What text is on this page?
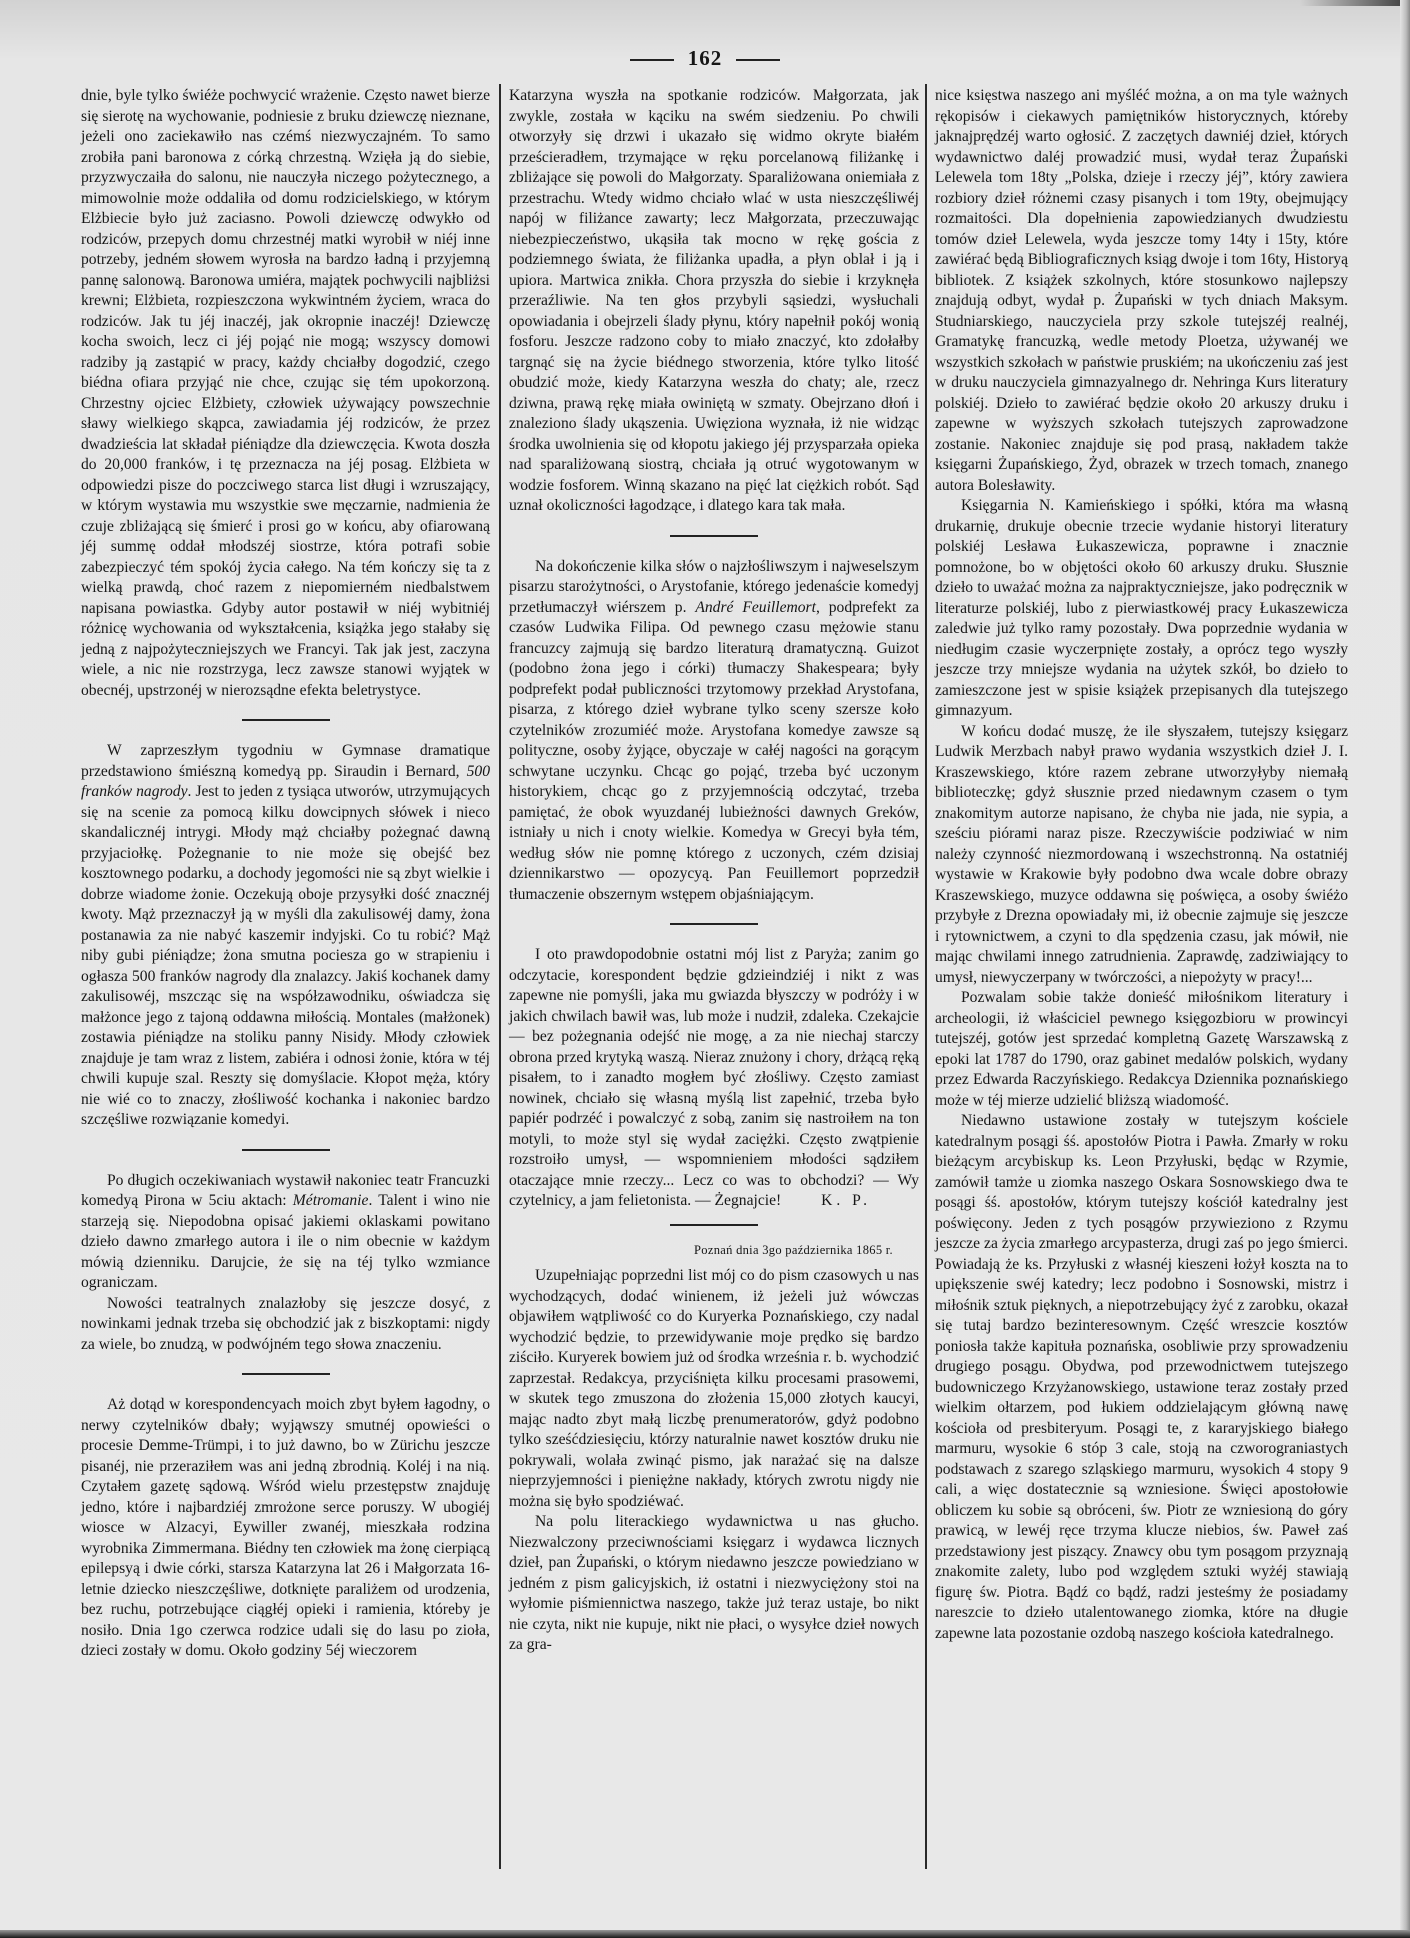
162

dnie, byle tylko świéże pochwycić wrażenie. Często nawet bierze się sierotę na wychowanie, podniesie z bruku dziewczę nieznane, jeżeli ono zaciekawiło nas czémś niezwyczajném. To samo zrobiła pani baronowa z córką chrzestną. Wzięła ją do siebie, przyzwyczaiła do salonu, nie nauczyła niczego pożytecznego, a mimowolnie może oddaliła od domu rodzicielskiego, w którym Elżbiecie było już zaciasno. Powoli dziewczę odwykło od rodziców, przepych domu chrzestnéj matki wyrobił w niéj inne potrzeby, jedném słowem wyrosła na bardzo ładną i przyjemną pannę salonową. Baronowa umiéra, majątek pochwycili najbliżsi krewni; Elżbieta, rozpieszczona wykwintném życiem, wraca do rodziców. Jak tu jéj inaczéj, jak okropnie inaczéj! Dziewczę kocha swoich, lecz ci jéj pojąć nie mogą; wszyscy domowi radziby ją zastąpić w pracy, każdy chciałby dogodzić, czego biédna ofiara przyjąć nie chce, czując się tém upokorzoną. Chrzestny ojciec Elżbiety, człowiek używający powszechnie sławy wielkiego skąpca, zawiadamia jéj rodziców, że przez dwadzieścia lat składał piéniądze dla dziewczęcia. Kwota doszła do 20,000 franków, i tę przeznacza na jéj posag. Elżbieta w odpowiedzi pisze do poczciwego starca list długi i wzruszający, w którym wystawia mu wszystkie swe męczarnie, nadmienia że czuje zbliżającą się śmierć i prosi go w końcu, aby ofiarowaną jéj summę oddał młodszéj siostrze, która potrafi sobie zabezpieczyć tém spokój życia całego. Na tém kończy się ta z wielką prawdą, choć razem z niepomierném niedbalstwem napisana powiastka. Gdyby autor postawił w niéj wybitniéj różnicę wychowania od wykształcenia, książka jego stałaby się jedną z najpożyteczniejszych we Francyi. Tak jak jest, zaczyna wiele, a nic nie rozstrzyga, lecz zawsze stanowi wyjątek w obecnéj, upstrzonéj w nierozsądne efekta beletrystyce.

W zaprzeszłym tygodniu w Gymnase dramatique przedstawiono śmiészną komedyą pp. Siraudin i Bernard, 500 franków nagrody. Jest to jeden z tysiąca utworów, utrzymujących się na scenie za pomocą kilku dowcipnych słówek i nieco skandalicznéj intrygi. Młody mąż chciałby pożegnać dawną przyjaciołkę. Pożegnanie to nie może się obejść bez kosztownego podarku, a dochody jegomości nie są zbyt wielkie i dobrze wiadome żonie. Oczekują oboje przysyłki dość znacznéj kwoty. Mąż przeznaczył ją w myśli dla zakulisowéj damy, żona postanawia za nie nabyć kaszemir indyjski. Co tu robić? Mąż niby gubi piéniądze; żona smutna pociesza go w strapieniu i ogłasza 500 franków nagrody dla znalazcy. Jakiś kochanek damy zakulisowéj, mszcząc się na współzawodniku, oświadcza się małżonce jego z tajoną oddawna miłością. Montales (małżonek) zostawia piéniądze na stoliku panny Nisidy. Młody człowiek znajduje je tam wraz z listem, zabiéra i odnosi żonie, która w téj chwili kupuje szal. Reszty się domyślacie. Kłopot męża, który nie wié co to znaczy, złośliwość kochanka i nakoniec bardzo szczęśliwe rozwiązanie komedyi.

Po długich oczekiwaniach wystawił nakoniec teatr Francuzki komedyą Pirona w 5ciu aktach: Métromanie. Talent i wino nie starzeją się. Niepodobna opisać jakiemi oklaskami powitano dzieło dawno zmarłego autora i ile o nim obecnie w każdym mówią dzienniku. Darujcie, że się na téj tylko wzmiance ograniczam.

Nowości teatralnych znalazłoby się jeszcze dosyć, z nowinkami jednak trzeba się obchodzić jak z biszkoptami: nigdy za wiele, bo znudzą, w podwójném tego słowa znaczeniu.

Aż dotąd w korespondencyach moich zbyt byłem łagodny, o nerwy czytelników dbały; wyjąwszy smutnéj opowieści o procesie Demme-Trümpi, i to już dawno, bo w Zürichu jeszcze pisanéj, nie przeraziłem was ani jedną zbrodnią. Koléj i na nią. Czytałem gazetę sądową. Wśród wielu przestępstw znajduję jedno, które i najbardziéj zmrożone serce poruszy. W ubogiéj wiosce w Alzacyi, Eywiller zwanéj, mieszkała rodzina wyrobnika Zimmermana. Biédny ten człowiek ma żonę cierpiącą epilepsyą i dwie córki, starsza Katarzyna lat 26 i Małgorzata 16-letnie dziecko nieszczęśliwe, dotknięte paraliżem od urodzenia, bez ruchu, potrzebujące ciągłéj opieki i ramienia, któreby je nosiło. Dnia 1go czerwca rodzice udali się do lasu po zioła, dzieci zostały w domu. Około godziny 5éj wieczorem

Katarzyna wyszła na spotkanie rodziców. Małgorzata, jak zwykle, została w kąciku na swém siedzeniu. Po chwili otworzyły się drzwi i ukazało się widmo okryte białém prześcieradłem, trzymające w ręku porcelanową filiżankę i zbliżające się powoli do Małgorzaty. Sparaliżowana oniemiała z przestrachu. Wtedy widmo chciało wlać w usta nieszczęśliwéj napój w filiżance zawarty; lecz Małgorzata, przeczuwając niebezpieczeństwo, ukąsiła tak mocno w rękę gościa z podziemnego świata, że filiżanka upadła, a płyn oblał i ją i upiora. Martwica znikła. Chora przyszła do siebie i krzyknęła przeraźliwie. Na ten głos przybyli sąsiedzi, wysłuchali opowiadania i obejrzeli ślady płynu, który napełnił pokój wonią fosforu. Jeszcze radzono coby to miało znaczyć, kto zdołałby targnąć się na życie biédnego stworzenia, które tylko litość obudzić może, kiedy Katarzyna weszła do chaty; ale, rzecz dziwna, prawą rękę miała owiniętą w szmaty. Obejrzano dłoń i znaleziono ślady ukąszenia. Uwięziona wyznała, iż nie widząc środka uwolnienia się od kłopotu jakiego jéj przysparzała opieka nad sparaliżowaną siostrą, chciała ją otruć wygotowanym w wodzie fosforem. Winną skazano na pięć lat ciężkich robót. Sąd uznał okoliczności łagodzące, i dlatego kara tak mała.

Na dokończenie kilka słów o najzłośliwszym i najweselszym pisarzu starożytności, o Arystofanie, którego jedenaście komedyj przetłumaczył wiérszem p. André Feuillemort, podprefekt za czasów Ludwika Filipa. Od pewnego czasu mężowie stanu francuzcy zajmują się bardzo literaturą dramatyczną. Guizot (podobno żona jego i córki) tłumaczy Shakespeara; były podprefekt podał publiczności trzytomowy przekład Arystofana, pisarza, z którego dzieł wybrane tylko sceny szersze koło czytelników zrozumiéć może. Arystofana komedye zawsze są polityczne, osoby żyjące, obyczaje w całéj nagości na gorącym schwytane uczynku. Chcąc go pojąć, trzeba być uczonym historykiem, chcąc go z przyjemnością odczytać, trzeba pamiętać, że obok wyuzdanéj lubieżności dawnych Greków, istniały u nich i cnoty wielkie. Komedya w Grecyi była tém, według słów nie pomnę którego z uczonych, czém dzisiaj dziennikarstwo — opozycyą. Pan Feuillemort poprzedził tłumaczenie obszernym wstępem objaśniającym.

I oto prawdopodobnie ostatni mój list z Paryża; zanim go odczytacie, korespondent będzie gdzieindziéj i nikt z was zapewne nie pomyśli, jaka mu gwiazda błyszczy w podróży i w jakich chwilach bawił was, lub może i nudził, zdaleka. Czekajcie — bez pożegnania odejść nie mogę, a za nie niechaj starczy obrona przed krytyką waszą. Nieraz znużony i chory, drżącą ręką pisałem, to i zanadto mogłem być złośliwy. Często zamiast nowinek, chciało się własną myślą list zapełnić, trzeba było papiér podrzéć i powalczyć z sobą, zanim się nastroiłem na ton motyli, to może styl się wydał zaciężki. Często zwątpienie rozstroiło umysł, — wspomnieniem młodości sądziłem otaczające mnie rzeczy... Lecz co was to obchodzi? — Wy czytelnicy, a jam felietonista. — Żegnajcie!	K. P.

Poznań dnia 3go października 1865 r.

Uzupełniając poprzedni list mój co do pism czasowych u nas wychodzących, dodać winienem, iż jeżeli już wówczas objawiłem wątpliwość co do Kuryerka Poznańskiego, czy nadal wychodzić będzie, to przewidywanie moje prędko się bardzo ziściło. Kuryerek bowiem już od środka września r. b. wychodzić zaprzestał. Redakcya, przyciśnięta kilku procesami prasowemi, w skutek tego zmuszona do złożenia 15,000 złotych kaucyi, mając nadto zbyt małą liczbę prenumeratorów, gdyż podobno tylko sześćdziesięciu, którzy naturalnie nawet kosztów druku nie pokrywali, wolała zwinąć pismo, jak narażać się na dalsze nieprzyjemności i pieniężne nakłady, których zwrotu nigdy nie można się było spodziéwać.

Na polu literackiego wydawnictwa u nas głucho. Niezwalczony przeciwnościami księgarz i wydawca licznych dzieł, pan Żupański, o którym niedawno jeszcze powiedziano w jedném z pism galicyjskich, iż ostatni i niezwyciężony stoi na wyłomie piśmiennictwa naszego, także już teraz ustaje, bo nikt nie czyta, nikt nie kupuje, nikt nie płaci, o wysyłce dzieł nowych za gra-

nice księstwa naszego ani myśléć można, a on ma tyle ważnych rękopisów i ciekawych pamiętników historycznych, któreby jaknajprędzéj warto ogłosić. Z zaczętych dawniéj dzieł, których wydawnictwo daléj prowadzić musi, wydał teraz Żupański Lelewela tom 18ty „Polska, dzieje i rzeczy jéj”, który zawiera rozbiory dzieł różnemi czasy pisanych i tom 19ty, obejmujący rozmaitości. Dla dopełnienia zapowiedzianych dwudziestu tomów dzieł Lelewela, wyda jeszcze tomy 14ty i 15ty, które zawiérać będą Bibliograficznych ksiąg dwoje i tom 16ty, Historyą bibliotek. Z książek szkolnych, które stosunkowo najlepszy znajdują odbyt, wydał p. Żupański w tych dniach Maksym. Studniarskiego, nauczyciela przy szkole tutejszéj realnéj, Gramatykę francuzką, wedle metody Ploetza, używanéj we wszystkich szkołach w państwie pruskiém; na ukończeniu zaś jest w druku nauczyciela gimnazyalnego dr. Nehringa Kurs literatury polskiéj. Dzieło to zawiérać będzie około 20 arkuszy druku i zapewne w wyższych szkołach tutejszych zaprowadzone zostanie. Nakoniec znajduje się pod prasą, nakładem także księgarni Żupańskiego, Żyd, obrazek w trzech tomach, znanego autora Bolesławity.

Księgarnia N. Kamieńskiego i spółki, która ma własną drukarnię, drukuje obecnie trzecie wydanie historyi literatury polskiéj Lesława Łukaszewicza, poprawne i znacznie pomnożone, bo w objętości około 60 arkuszy druku. Słusznie dzieło to uważać można za najpraktyczniejsze, jako podręcznik w literaturze polskiéj, lubo z pierwiastkowéj pracy Łukaszewicza zaledwie już tylko ramy pozostały. Dwa poprzednie wydania w niedługim czasie wyczerpnięte zostały, a oprócz tego wyszły jeszcze trzy mniejsze wydania na użytek szkół, bo dzieło to zamieszczone jest w spisie książek przepisanych dla tutejszego gimnazyum.

W końcu dodać muszę, że ile słyszałem, tutejszy księgarz Ludwik Merzbach nabył prawo wydania wszystkich dzieł J. I. Kraszewskiego, które razem zebrane utworzyłyby niemałą biblioteczkę; gdyż słusznie przed niedawnym czasem o tym znakomitym autorze napisano, że chyba nie jada, nie sypia, a sześciu piórami naraz pisze. Rzeczywiście podziwiać w nim należy czynność niezmordowaną i wszechstronną. Na ostatniéj wystawie w Krakowie były podobno dwa wcale dobre obrazy Kraszewskiego, muzyce oddawna się poświęca, a osoby świéżo przybyłe z Drezna opowiadały mi, iż obecnie zajmuje się jeszcze i rytownictwem, a czyni to dla spędzenia czasu, jak mówił, nie mając chwilami innego zatrudnienia. Zaprawdę, zadziwiający to umysł, niewyczerpany w twórczości, a niepożyty w pracy!...

Pozwalam sobie także donieść miłośnikom literatury i archeologii, iż właściciel pewnego księgozbioru w prowincyi tutejszéj, gotów jest sprzedać kompletną Gazetę Warszawską z epoki lat 1787 do 1790, oraz gabinet medalów polskich, wydany przez Edwarda Raczyńskiego. Redakcya Dziennika poznańskiego może w téj mierze udzielić bliższą wiadomość.

Niedawno ustawione zostały w tutejszym kościele katedralnym posągi śś. apostołów Piotra i Pawła. Zmarły w roku bieżącym arcybiskup ks. Leon Przyłuski, będąc w Rzymie, zamówił tamże u ziomka naszego Oskara Sosnowskiego dwa te posągi śś. apostołów, którym tutejszy kościół katedralny jest poświęcony. Jeden z tych posągów przywieziono z Rzymu jeszcze za życia zmarłego arcypasterza, drugi zaś po jego śmierci. Powiadają że ks. Przyłuski z własnéj kieszeni łożył koszta na to upiększenie swéj katedry; lecz podobno i Sosnowski, mistrz i miłośnik sztuk pięknych, a niepotrzebujący żyć z zarobku, okazał się tutaj bardzo bezinteresownym. Część wreszcie kosztów poniosła także kapituła poznańska, osobliwie przy sprowadzeniu drugiego posągu. Obydwa, pod przewodnictwem tutejszego budowniczego Krzyżanowskiego, ustawione teraz zostały przed wielkim ołtarzem, pod łukiem oddzielającym główną nawę kościoła od presbiteryum. Posągi te, z kararyjskiego białego marmuru, wysokie 6 stóp 3 cale, stoją na czworograniastych podstawach z szarego szląskiego marmuru, wysokich 4 stopy 9 cali, a więc dostatecznie są wzniesione. Święci apostołowie obliczem ku sobie są obróceni, św. Piotr ze wzniesioną do góry prawicą, w lewéj ręce trzyma klucze niebios, św. Paweł zaś przedstawiony jest piszący. Znawcy obu tym posągom przyznają znakomite zalety, lubo pod względem sztuki wyżéj stawiają figurę św. Piotra. Bądź co bądź, radzi jesteśmy że posiadamy nareszcie to dzieło utalentowanego ziomka, które na długie zapewne lata pozostanie ozdobą naszego kościoła katedralnego.
